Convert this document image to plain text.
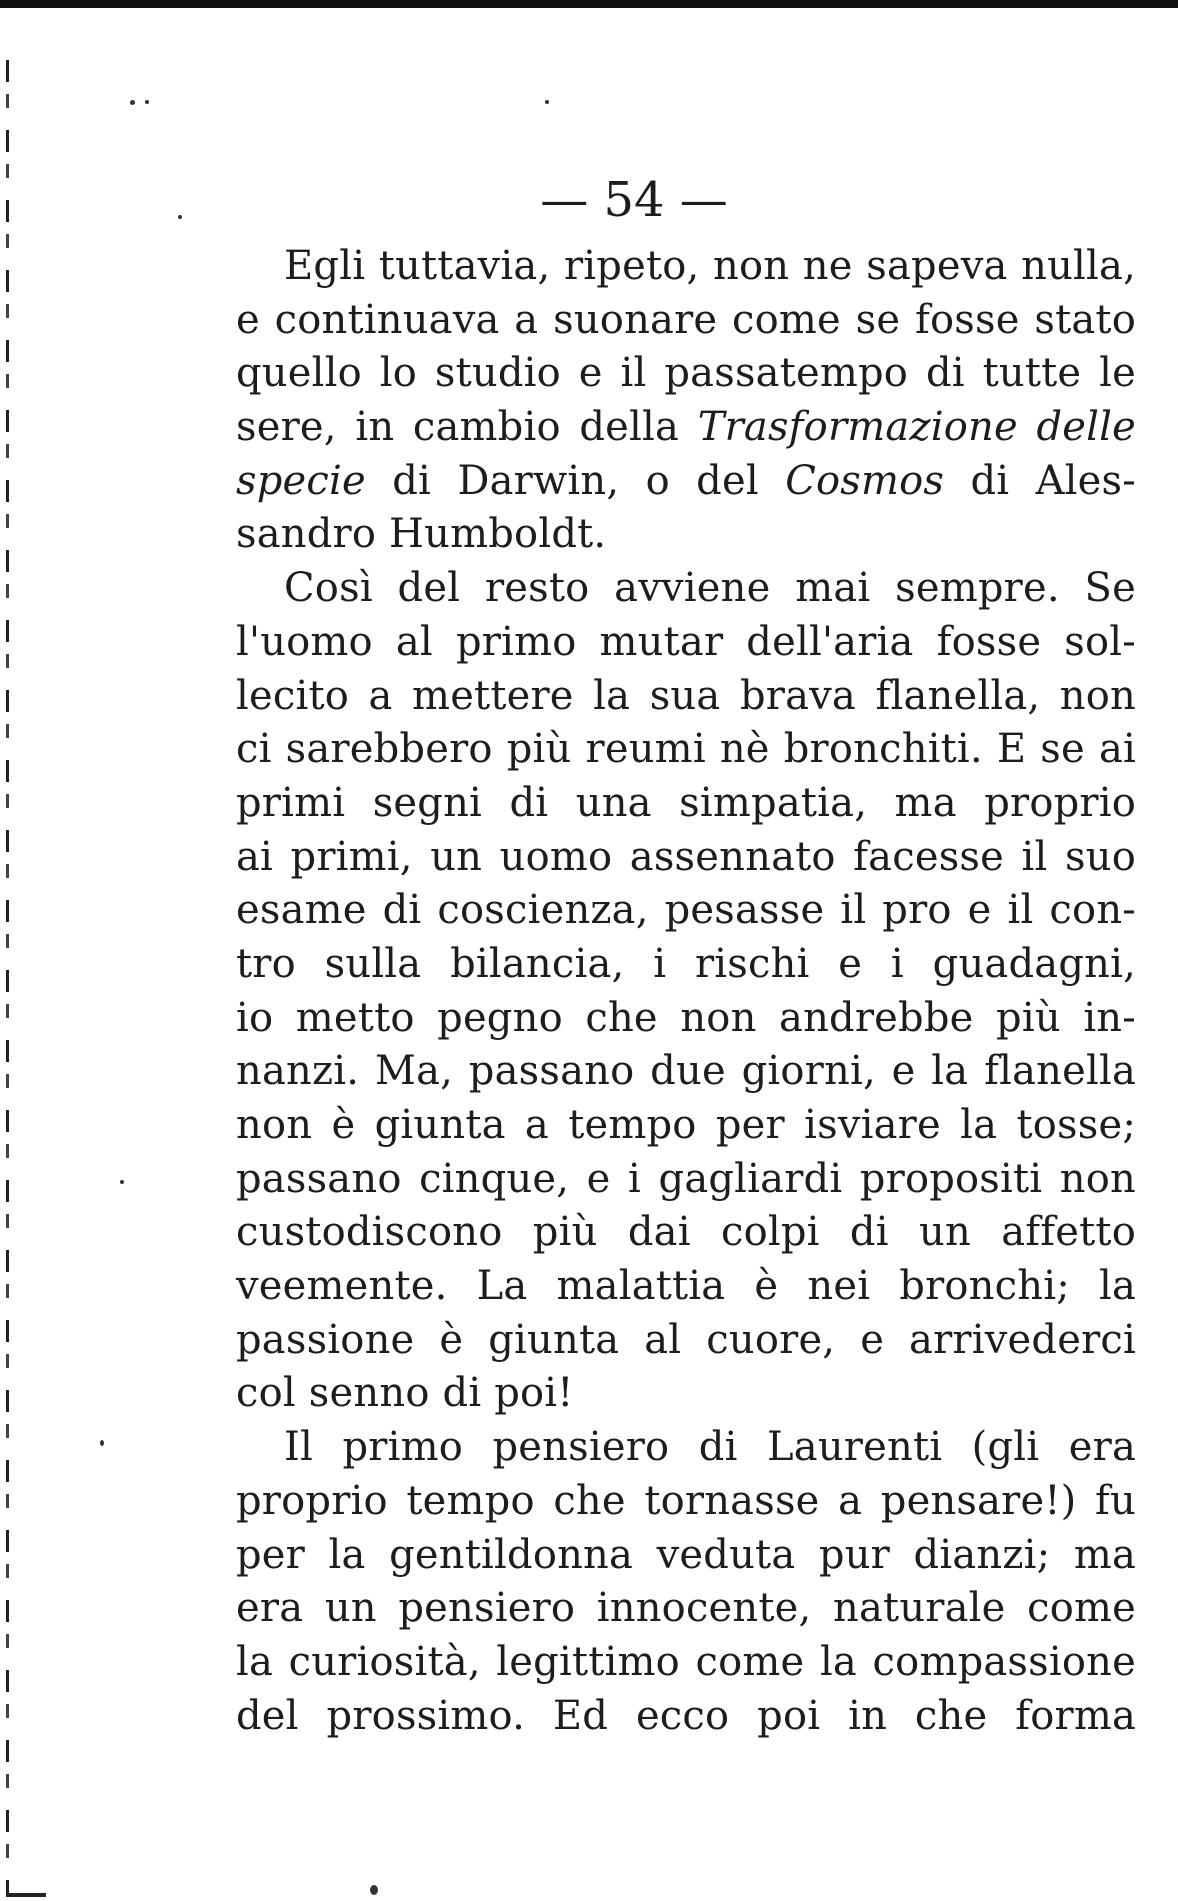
— 54 —
Egli tuttavia, ripeto, non ne sapeva nulla,
e continuava a suonare come se fosse stato
quello lo studio e il passatempo di tutte le
sere, in cambio della Trasformazione delle
specie di Darwin, o del Cosmos di Ales-
sandro Humboldt.
Così del resto avviene mai sempre. Se
l'uomo al primo mutar dell'aria fosse sol-
lecito a mettere la sua brava flanella, non
ci sarebbero più reumi nè bronchiti. E se ai
primi segni di una simpatia, ma proprio
ai primi, un uomo assennato facesse il suo
esame di coscienza, pesasse il pro e il con-
tro sulla bilancia, i rischi e i guadagni,
io metto pegno che non andrebbe più in-
nanzi. Ma, passano due giorni, e la flanella
non è giunta a tempo per isviare la tosse;
passano cinque, e i gagliardi propositi non
custodiscono più dai colpi di un affetto
veemente. La malattia è nei bronchi; la
passione è giunta al cuore, e arrivederci
col senno di poi!
Il primo pensiero di Laurenti (gli era
proprio tempo che tornasse a pensare!) fu
per la gentildonna veduta pur dianzi; ma
era un pensiero innocente, naturale come
la curiosità, legittimo come la compassione
del prossimo. Ed ecco poi in che forma
